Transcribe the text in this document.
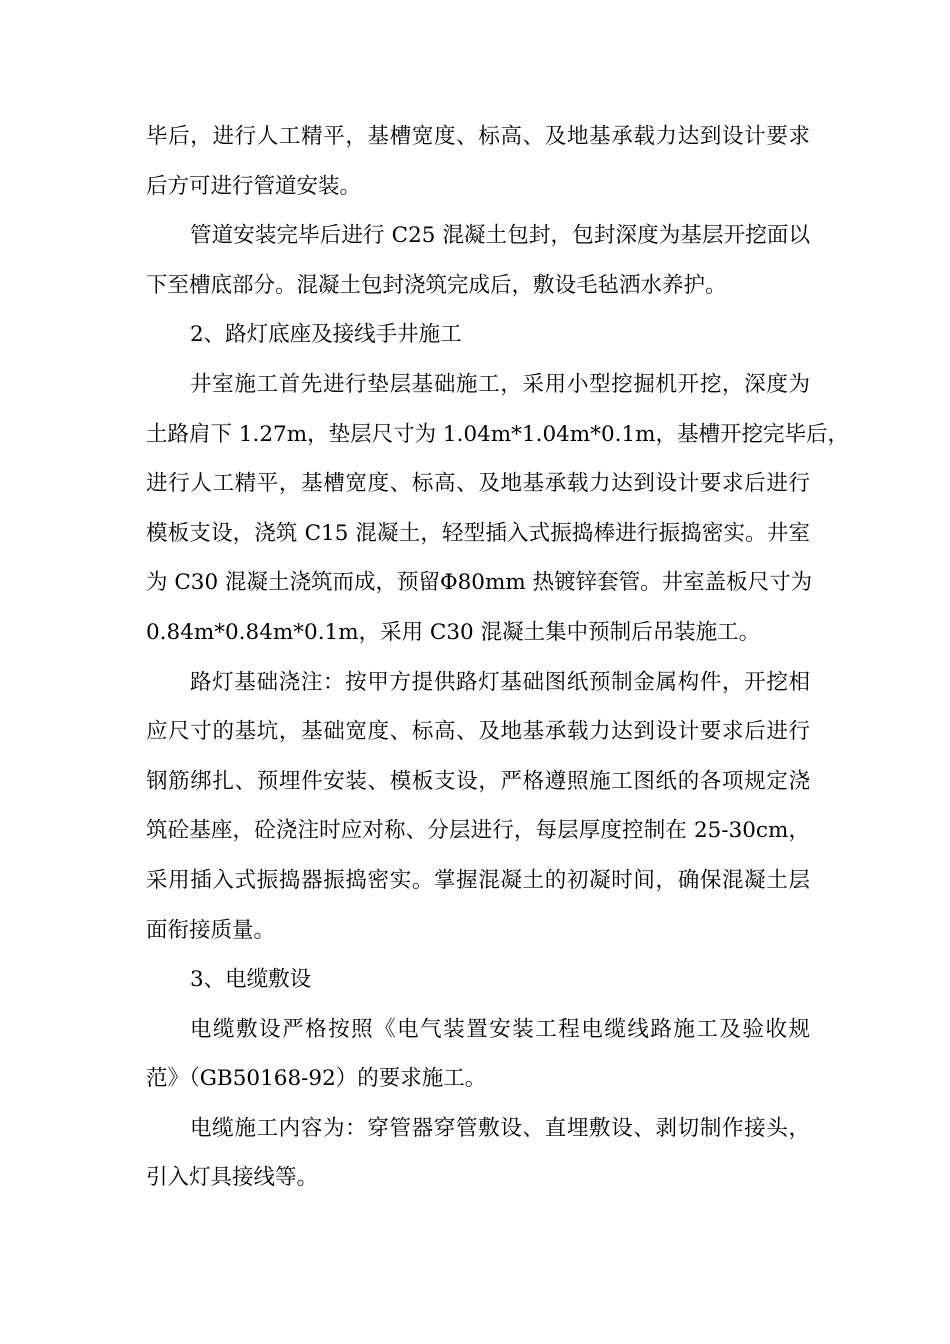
毕后，进行人工精平，基槽宽度、标高、及地基承载力达到设计要求
后方可进行管道安装。
管道安装完毕后进行 C25 混凝土包封，包封深度为基层开挖面以
下至槽底部分。混凝土包封浇筑完成后，敷设毛毡洒水养护。
2、路灯底座及接线手井施工
井室施工首先进行垫层基础施工，采用小型挖掘机开挖，深度为
土路肩下 1.27m，垫层尺寸为 1.04m*1.04m*0.1m，基槽开挖完毕后，
进行人工精平，基槽宽度、标高、及地基承载力达到设计要求后进行
模板支设，浇筑 C15 混凝土，轻型插入式振捣棒进行振捣密实。井室
为 C30 混凝土浇筑而成，预留Φ80mm 热镀锌套管。井室盖板尺寸为
0.84m*0.84m*0.1m，采用 C30 混凝土集中预制后吊装施工。
路灯基础浇注：按甲方提供路灯基础图纸预制金属构件，开挖相
应尺寸的基坑，基础宽度、标高、及地基承载力达到设计要求后进行
钢筋绑扎、预埋件安装、模板支设，严格遵照施工图纸的各项规定浇
筑砼基座，砼浇注时应对称、分层进行，每层厚度控制在 25-30cm，
采用插入式振捣器振捣密实。掌握混凝土的初凝时间，确保混凝土层
面衔接质量。
3、电缆敷设
电缆敷设严格按照《电气装置安装工程电缆线路施工及验收规
范》（GB50168-92）的要求施工。
电缆施工内容为：穿管器穿管敷设、直埋敷设、剥切制作接头，
引入灯具接线等。
